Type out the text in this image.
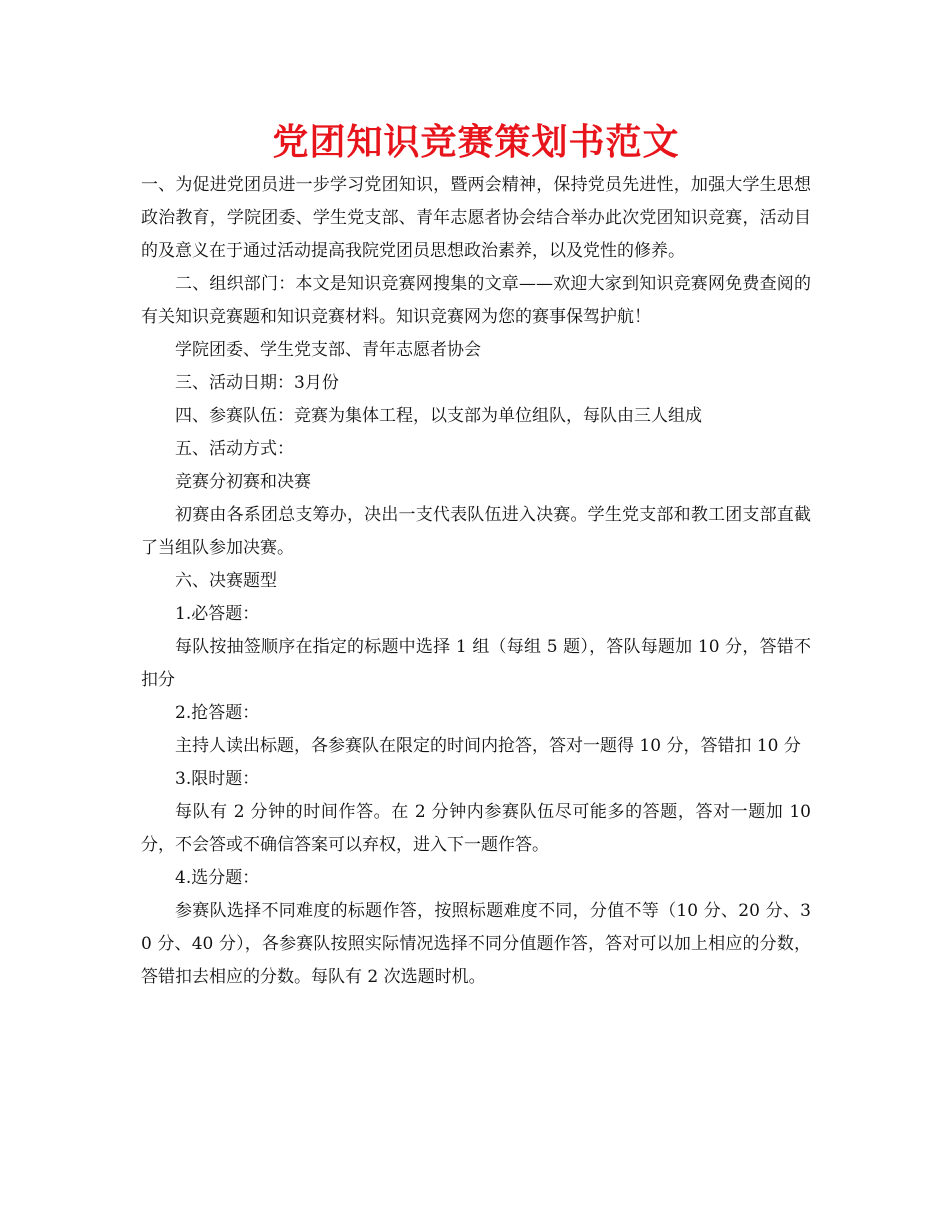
党团知识竞赛策划书范文

一、为促进党团员进一步学习党团知识，暨两会精神，保持党员先进性，加强大学生思想政治教育，学院团委、学生党支部、青年志愿者协会结合举办此次党团知识竞赛，活动目的及意义在于通过活动提高我院党团员思想政治素养，以及党性的修养。

二、组织部门：本文是知识竞赛网搜集的文章——欢迎大家到知识竞赛网免费查阅的有关知识竞赛题和知识竞赛材料。知识竞赛网为您的赛事保驾护航！

学院团委、学生党支部、青年志愿者协会

三、活动日期：3月份

四、参赛队伍：竞赛为集体工程，以支部为单位组队，每队由三人组成

五、活动方式：

竞赛分初赛和决赛

初赛由各系团总支筹办，决出一支代表队伍进入决赛。学生党支部和教工团支部直截了当组队参加决赛。

六、决赛题型

1.必答题：

每队按抽签顺序在指定的标题中选择 1 组（每组 5 题），答队每题加 10 分，答错不扣分

2.抢答题：

主持人读出标题，各参赛队在限定的时间内抢答，答对一题得 10 分，答错扣 10 分

3.限时题：

每队有 2 分钟的时间作答。在 2 分钟内参赛队伍尽可能多的答题，答对一题加 10 分，不会答或不确信答案可以弃权，进入下一题作答。

4.选分题：

参赛队选择不同难度的标题作答，按照标题难度不同，分值不等（10 分、20 分、30 分、40 分），各参赛队按照实际情况选择不同分值题作答，答对可以加上相应的分数，答错扣去相应的分数。每队有 2 次选题时机。
